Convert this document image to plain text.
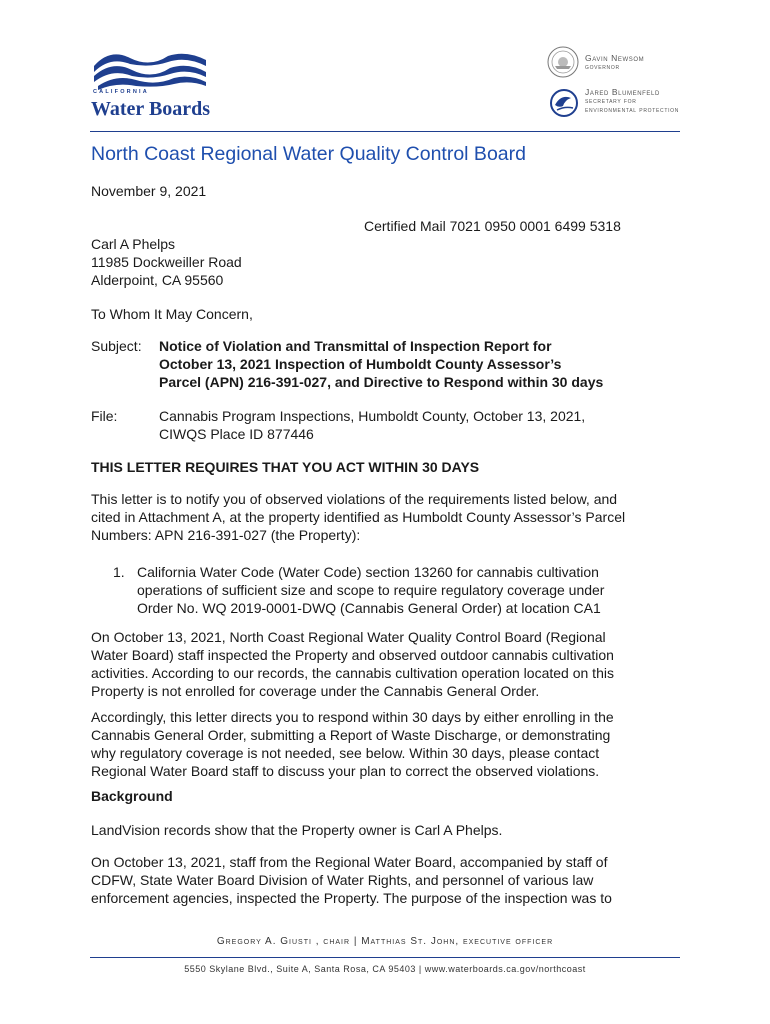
CALIFORNIA
Water Boards
Gavin Newsom
governor
Jared Blumenfeld
secretary for
environmental protection
North Coast Regional Water Quality Control Board
November 9, 2021
Certified Mail 7021 0950 0001 6499 5318
Carl A Phelps
11985 Dockweiller Road
Alderpoint, CA 95560
To Whom It May Concern,
Subject: Notice of Violation and Transmittal of Inspection Report for
October 13, 2021 Inspection of Humboldt County Assessor’s
Parcel (APN) 216-391-027, and Directive to Respond within 30 days
File:	Cannabis Program Inspections, Humboldt County, October 13, 2021,
CIWQS Place ID 877446
THIS LETTER REQUIRES THAT YOU ACT WITHIN 30 DAYS
This letter is to notify you of observed violations of the requirements listed below, and
cited in Attachment A, at the property identified as Humboldt County Assessor’s Parcel
Numbers: APN 216-391-027 (the Property):
1. California Water Code (Water Code) section 13260 for cannabis cultivation
operations of sufficient size and scope to require regulatory coverage under
Order No. WQ 2019-0001-DWQ (Cannabis General Order) at location CA1
On October 13, 2021, North Coast Regional Water Quality Control Board (Regional
Water Board) staff inspected the Property and observed outdoor cannabis cultivation
activities. According to our records, the cannabis cultivation operation located on this
Property is not enrolled for coverage under the Cannabis General Order.
Accordingly, this letter directs you to respond within 30 days by either enrolling in the
Cannabis General Order, submitting a Report of Waste Discharge, or demonstrating
why regulatory coverage is not needed, see below. Within 30 days, please contact
Regional Water Board staff to discuss your plan to correct the observed violations.
Background
LandVision records show that the Property owner is Carl A Phelps.
On October 13, 2021, staff from the Regional Water Board, accompanied by staff of
CDFW, State Water Board Division of Water Rights, and personnel of various law
enforcement agencies, inspected the Property. The purpose of the inspection was to
Gregory A. Giusti , chair | Matthias St. John, executive officer
5550 Skylane Blvd., Suite A, Santa Rosa, CA 95403 | www.waterboards.ca.gov/northcoast
